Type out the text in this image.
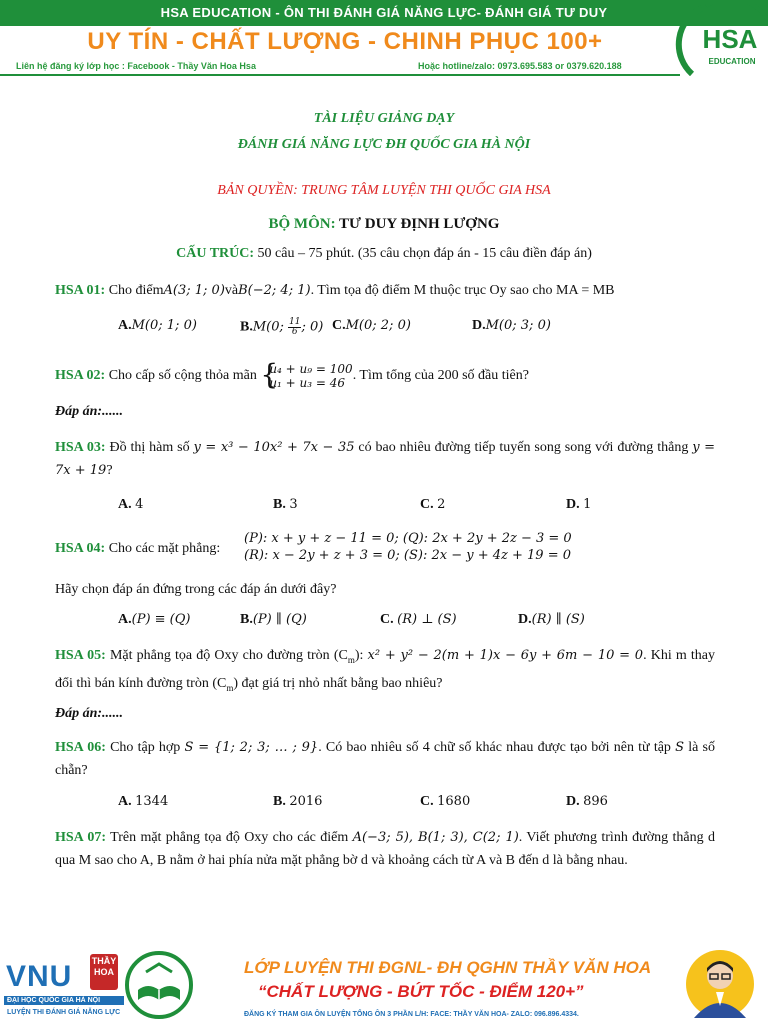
HSA EDUCATION - ÔN THI ĐÁNH GIÁ NĂNG LỰC- ĐÁNH GIÁ TƯ DUY
UY TÍN - CHẤT LƯỢNG - CHINH PHỤC 100+
Liên hệ đăng ký lớp học : Facebook - Thầy Văn Hoa Hsa	Hoặc hotline/zalo: 0973.695.583 or 0379.620.188
HSA
EDUCATION
TÀI LIỆU GIẢNG DẠY
ĐÁNH GIÁ NĂNG LỰC ĐH QUỐC GIA HÀ NỘI
BẢN QUYỀN: TRUNG TÂM LUYỆN THI QUỐC GIA HSA
BỘ MÔN: TƯ DUY ĐỊNH LƯỢNG
CẤU TRÚC: 50 câu – 75 phút. (35 câu chọn đáp án - 15 câu điền đáp án)
HSA 01: Cho điểmA(3; 1; 0)vàB(−2; 4; 1). Tìm tọa độ điểm M thuộc trục Oy sao cho MA = MB
A.M(0; 1; 0)	B.M(0; $\frac{11}{6}$ ; 0) C.M(0; 2; 0)	D.M(0; 3; 0)
HSA 02: Cho cấp số cộng thỏa mãn {
u₄ + u₉ = 100
u₁ + u₃ = 46 . Tìm tổng của 200 số đầu tiên?
Đáp án:......
HSA 03: Đồ thị hàm số y = x³ − 10x² + 7x − 35 có bao nhiêu đường tiếp tuyến song song với đường thẳng y = 7x + 19?
A. 4	B. 3	C. 2	D. 1
HSA 04: Cho các mặt phẳng:
(P): x + y + z − 11 = 0; (Q): 2x + 2y + 2z − 3 = 0
(R): x − 2y + z + 3 = 0; (S): 2x − y + 4z + 19 = 0
Hãy chọn đáp án đứng trong các đáp án dưới đây?
A.(P) ≡ (Q)	B.(P) ∥ (Q)	C. (R) ⊥ (S)	D.(R) ∥ (S)
HSA 05: Mặt phẳng tọa độ Oxy cho đường tròn $(C_m)$: x² + y² − 2(m + 1)x − 6y + 6m − 10 = 0. Khi m thay đổi thì bán kính đường tròn $(C_m)$ đạt giá trị nhỏ nhất bằng bao nhiêu?
Đáp án:......
HSA 06: Cho tập hợp S = {1; 2; 3; … ; 9}. Có bao nhiêu số 4 chữ số khác nhau được tạo bởi nên từ tập S là số chẵn?
A. 1344	B. 2016	C. 1680	D. 896
HSA 07: Trên mặt phẳng tọa độ Oxy cho các điểm A(−3; 5), B(1; 3), C(2; 1). Viết phương trình đường thẳng d qua M sao cho A, B nằm ở hai phía nửa mặt phẳng bờ d và khoảng cách từ A và B đến d là bằng nhau.
VNU THẦY HOA
ĐẠI HỌC QUỐC GIA HÀ NỘI
LUYỆN THI ĐÁNH GIÁ NĂNG LỰC
LỚP LUYỆN THI ĐGNL- ĐH QGHN THẦY VĂN HOA
“CHẤT LƯỢNG - BỨT TỐC - ĐIỂM 120+”
ĐĂNG KÝ THAM GIA ÔN LUYỆN TỔNG ÔN 3 PHẦN L/H: FACE: THẦY VĂN HOA- ZALO: 096.896.4334.
